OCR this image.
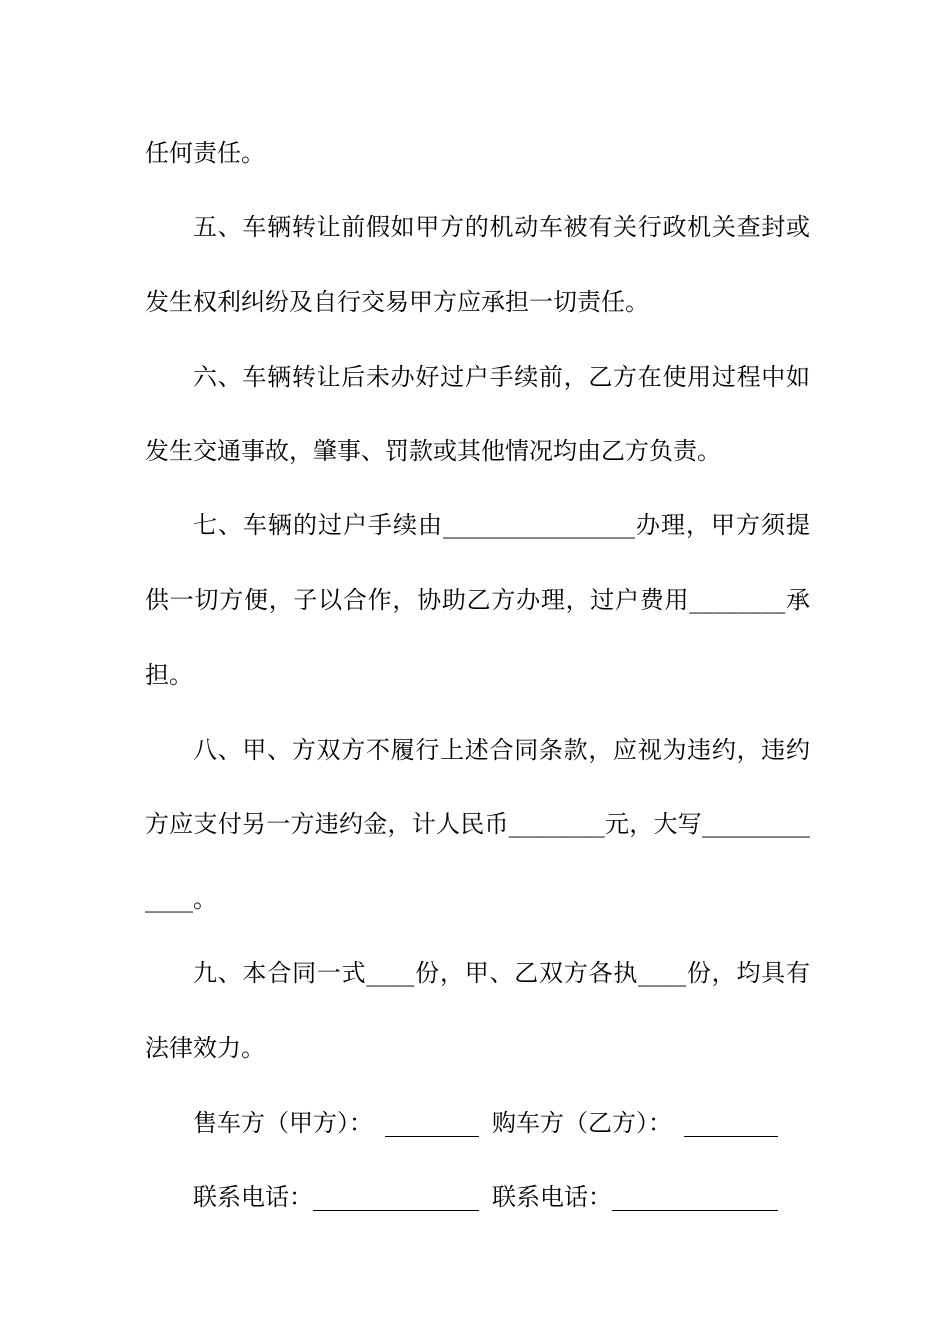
任何责任。
五、车辆转让前假如甲方的机动车被有关行政机关查封或
发生权利纠纷及自行交易甲方应承担一切责任。
六、车辆转让后未办好过户手续前，乙方在使用过程中如
发生交通事故，肇事、罚款或其他情况均由乙方负责。
七、车辆的过户手续由________________办理，甲方须提
供一切方便，子以合作，协助乙方办理，过户费用________承
担。
八、甲、方双方不履行上述合同条款，应视为违约，违约
方应支付另一方违约金，计人民币________元，大写_________
____。
九、本合同一式____份，甲、乙双方各执____份，均具有
法律效力。
售车方（甲方）：	购车方（乙方）：
联系电话：	联系电话：
